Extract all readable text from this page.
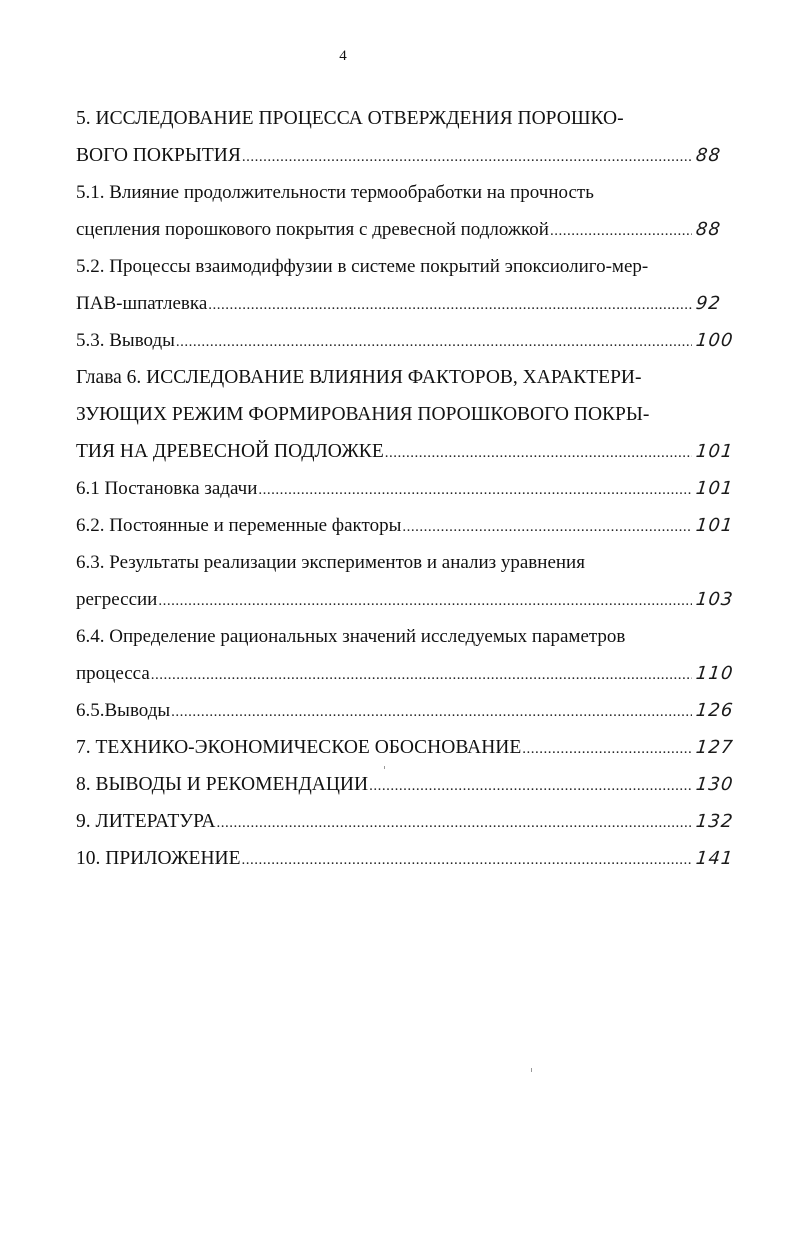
4
5. ИССЛЕДОВАНИЕ ПРОЦЕССА ОТВЕРЖДЕНИЯ ПОРОШКО-
ВОГО ПОКРЫТИЯ .....	88
5.1. Влияние продолжительности термообработки на прочность
сцепления порошкового покрытия с древесной подложкой .....	88
5.2. Процессы взаимодиффузии в системе покрытий эпоксиолиго-мер-
ПАВ-шпатлевка .....	92
5.3. Выводы .....	100
Глава 6. ИССЛЕДОВАНИЕ ВЛИЯНИЯ ФАКТОРОВ, ХАРАКТЕРИ-
ЗУЮЩИХ РЕЖИМ ФОРМИРОВАНИЯ ПОРОШКОВОГО ПОКРЫ-
ТИЯ НА ДРЕВЕСНОЙ ПОДЛОЖКЕ .....	101
6.1 Постановка задачи .....	101
6.2. Постоянные и переменные факторы .....	101
6.3. Результаты реализации экспериментов и анализ уравнения
регрессии .....	103
6.4. Определение рациональных значений исследуемых параметров
процесса .....	110
6.5.Выводы .....	126
7. ТЕХНИКО-ЭКОНОМИЧЕСКОЕ ОБОСНОВАНИЕ .....	127
8. ВЫВОДЫ И РЕКОМЕНДАЦИИ .....	130
9. ЛИТЕРАТУРА .....	132
10. ПРИЛОЖЕНИЕ .....	141
